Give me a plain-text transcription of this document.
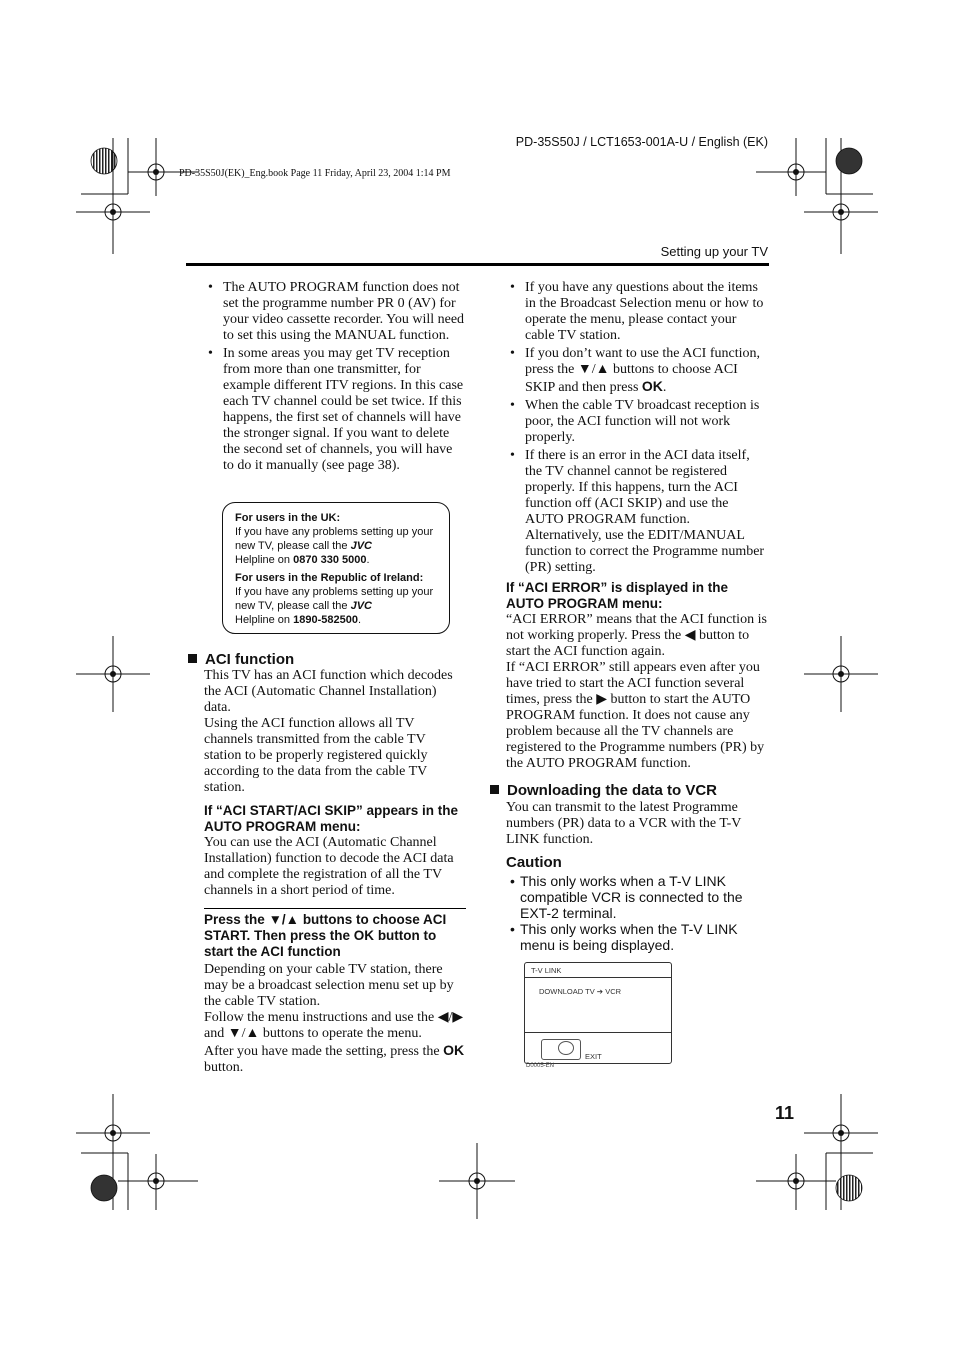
PD-35S50J / LCT1653-001A-U / English (EK)
PD-35S50J(EK)_Eng.book Page 11 Friday, April 23, 2004 1:14 PM
Setting up your TV
• The AUTO PROGRAM function does not set the programme number PR 0 (AV) for your video cassette recorder. You will need to set this using the MANUAL function.
• In some areas you may get TV reception from more than one transmitter, for example different ITV regions. In this case each TV channel could be set twice. If this happens, the first set of channels will have the stronger signal. If you want to delete the second set of channels, you will have to do it manually (see page 38).
For users in the UK:
If you have any problems setting up your new TV, please call the JVC
Helpline on 0870 330 5000.
For users in the Republic of Ireland:
If you have any problems setting up your new TV, please call the JVC
Helpline on 1890-582500.
ACI function

This TV has an ACI function which decodes the ACI (Automatic Channel Installation) data.

Using the ACI function allows all TV channels transmitted from the cable TV station to be properly registered quickly according to the data from the cable TV station.

If “ACI START/ACI SKIP” appears in the AUTO PROGRAM menu:
You can use the ACI (Automatic Channel Installation) function to decode the ACI data and complete the registration of all the TV channels in a short period of time.
Press the ▼/▲ buttons to choose ACI START. Then press the OK button to start the ACI function

Depending on your cable TV station, there may be a broadcast selection menu set up by the cable TV station.

Follow the menu instructions and use the ◀/▶ and ▼/▲ buttons to operate the menu.

After you have made the setting, press the OK button.

• If you have any questions about the items in the Broadcast Selection menu or how to operate the menu, please contact your cable TV station.
• If you don’t want to use the ACI function, press the ▼/▲ buttons to choose ACI SKIP and then press OK.
• When the cable TV broadcast reception is poor, the ACI function will not work properly.
• If there is an error in the ACI data itself, the TV channel cannot be registered properly. If this happens, turn the ACI function off (ACI SKIP) and use the AUTO PROGRAM function. Alternatively, use the EDIT/MANUAL function to correct the Programme number (PR) setting.
If “ACI ERROR” is displayed in the AUTO PROGRAM menu:

“ACI ERROR” means that the ACI function is not working properly. Press the ◀ button to start the ACI function again.

If “ACI ERROR” still appears even after you have tried to start the ACI function several times, press the ▶ button to start the AUTO PROGRAM function. It does not cause any problem because all the TV channels are registered to the Programme numbers (PR) by the AUTO PROGRAM function.

Downloading the data to VCR
You can transmit to the latest Programme numbers (PR) data to a VCR with the T-V LINK function.
Caution
• This only works when a T-V LINK compatible VCR is connected to the EXT-2 terminal.
• This only works when the T-V LINK menu is being displayed.
T-V LINK
DOWNLOAD TV ➔ VCR
EXIT
D0005-EN
11
